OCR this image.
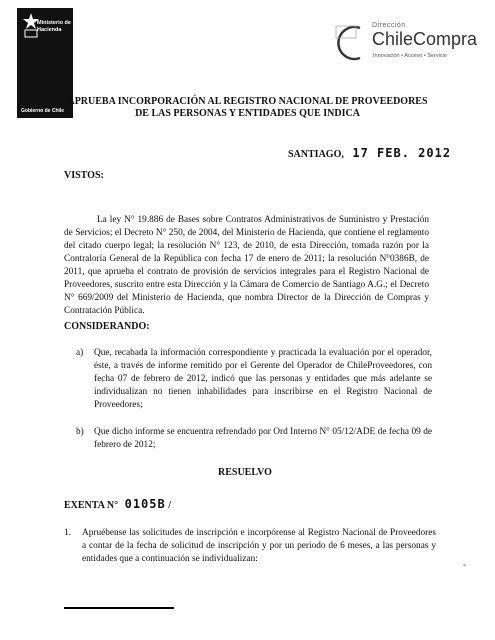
Ministerio de Hacienda
Gobierno de Chile
Dirección
ChileCompra
Innovación • Acceso • Servicio
APRUEBA INCORPORACIÓN AL REGISTRO NACIONAL DE PROVEEDORES DE LAS PERSONAS Y ENTIDADES QUE INDICA
SANTIAGO, 17 FEB. 2012
VISTOS:
La ley N° 19.886 de Bases sobre Contratos Administrativos de Suministro y Prestación de Servicios; el Decreto N° 250, de 2004, del Ministerio de Hacienda, que contiene el reglamento del citado cuerpo legal; la resolución N° 123, de 2010, de esta Dirección, tomada razón por la Contraloría General de la República con fecha 17 de enero de 2011; la resolución N°0386B, de 2011, que aprueba el contrato de provisión de servicios integrales para el Registro Nacional de Proveedores, suscrito entre esta Dirección y la Cámara de Comercio de Santiago A.G.; el Decreto N° 669/2009 del Ministerio de Hacienda, que nombra Director de la Dirección de Compras y Contratación Pública.
CONSIDERANDO:
a) Que, recabada la información correspondiente y practicada la evaluación por el operador, éste, a través de informe remitido por el Gerente del Operador de ChileProveedores, con fecha 07 de febrero de 2012, indicó que las personas y entidades que más adelante se individualizan no tienen inhabilidades para inscribirse en el Registro Nacional de Proveedores;
b) Que dicho informe se encuentra refrendado por Ord Interno N° 05/12/ADE de fecha 09 de febrero de 2012;
RESUELVO
EXENTA N° 0105B /
1. Apruébense las solicitudes de inscripción e incorpórense al Registro Nacional de Proveedores a contar de la fecha de solicitud de inscripción y por un periodo de 6 meses, a las personas y entidades que a continuación se individualizan:
˜
